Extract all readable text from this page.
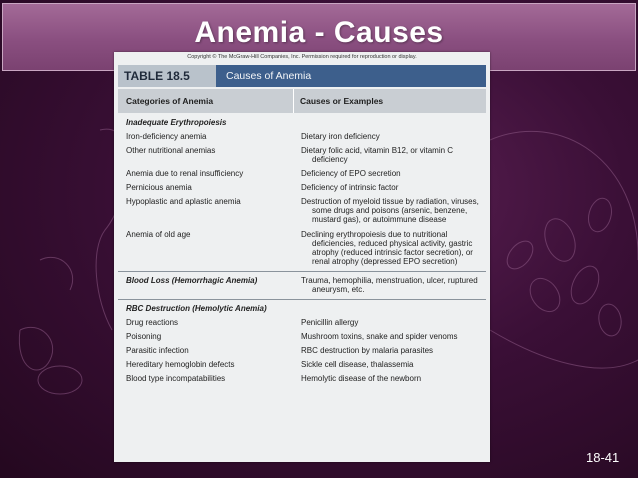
Anemia - Causes
Copyright © The McGraw-Hill Companies, Inc. Permission required for reproduction or display.
TABLE 18.5	Causes of Anemia
Categories of Anemia	Causes or Examples
Inadequate Erythropoiesis
Iron-deficiency anemia	Dietary iron deficiency
Other nutritional anemias	Dietary folic acid, vitamin B12, or vitamin C deficiency
Anemia due to renal insufficiency	Deficiency of EPO secretion
Pernicious anemia	Deficiency of intrinsic factor
Hypoplastic and aplastic anemia	Destruction of myeloid tissue by radiation, viruses, some drugs and poisons (arsenic, benzene, mustard gas), or autoimmune disease
Anemia of old age	Declining erythropoiesis due to nutritional deficiencies, reduced physical activity, gastric atrophy (reduced intrinsic factor secretion), or renal atrophy (depressed EPO secretion)
Blood Loss (Hemorrhagic Anemia)	Trauma, hemophilia, menstruation, ulcer, ruptured aneurysm, etc.
RBC Destruction (Hemolytic Anemia)
Drug reactions	Penicillin allergy
Poisoning	Mushroom toxins, snake and spider venoms
Parasitic infection	RBC destruction by malaria parasites
Hereditary hemoglobin defects	Sickle cell disease, thalassemia
Blood type incompatabilities	Hemolytic disease of the newborn
18-41
